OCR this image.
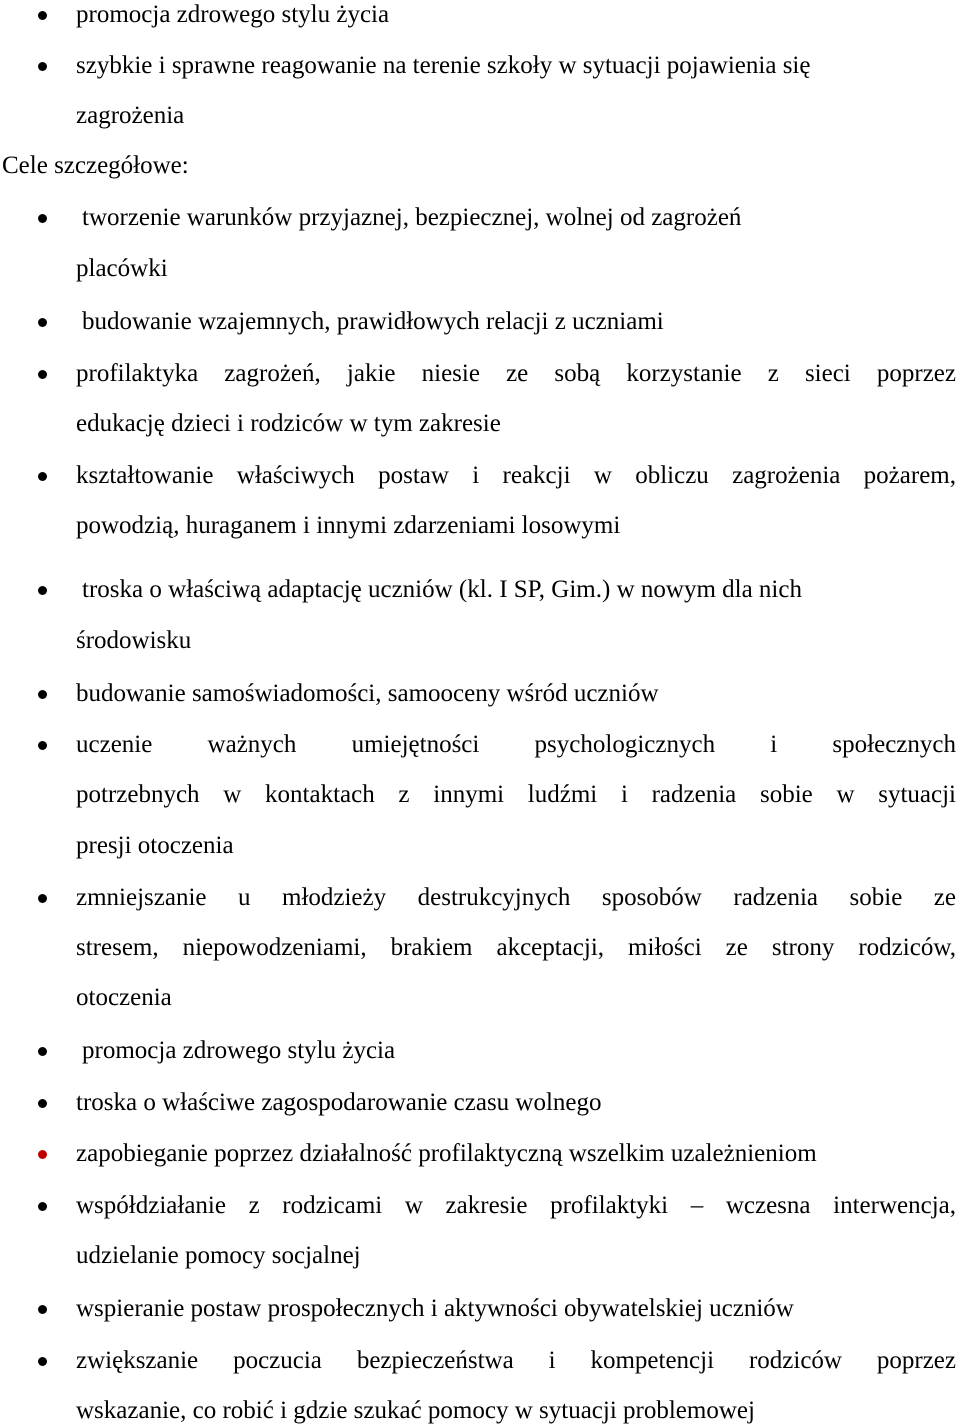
promocja zdrowego stylu życia
szybkie i sprawne reagowanie na terenie szkoły w sytuacji pojawienia się
zagrożenia
Cele szczegółowe:
tworzenie warunków przyjaznej, bezpiecznej, wolnej od zagrożeń
placówki
budowanie wzajemnych, prawidłowych relacji z uczniami
profilaktyka zagrożeń, jakie niesie ze sobą korzystanie z sieci poprzez
edukację dzieci i rodziców w tym zakresie
kształtowanie właściwych postaw i reakcji w obliczu zagrożenia pożarem,
powodzią, huraganem i innymi zdarzeniami losowymi
troska o właściwą adaptację uczniów (kl. I SP, Gim.) w nowym dla nich
środowisku
budowanie samoświadomości, samooceny wśród uczniów
uczenie ważnych umiejętności psychologicznych i społecznych
potrzebnych w kontaktach z innymi ludźmi i radzenia sobie w sytuacji
presji otoczenia
zmniejszanie u młodzieży destrukcyjnych sposobów radzenia sobie ze
stresem, niepowodzeniami, brakiem akceptacji, miłości ze strony rodziców,
otoczenia
promocja zdrowego stylu życia
troska o właściwe zagospodarowanie czasu wolnego
zapobieganie poprzez działalność profilaktyczną wszelkim uzależnieniom
współdziałanie z rodzicami w zakresie profilaktyki – wczesna interwencja,
udzielanie pomocy socjalnej
wspieranie postaw prospołecznych i aktywności obywatelskiej uczniów
zwiększanie poczucia bezpieczeństwa i kompetencji rodziców poprzez
wskazanie, co robić i gdzie szukać pomocy w sytuacji problemowej
